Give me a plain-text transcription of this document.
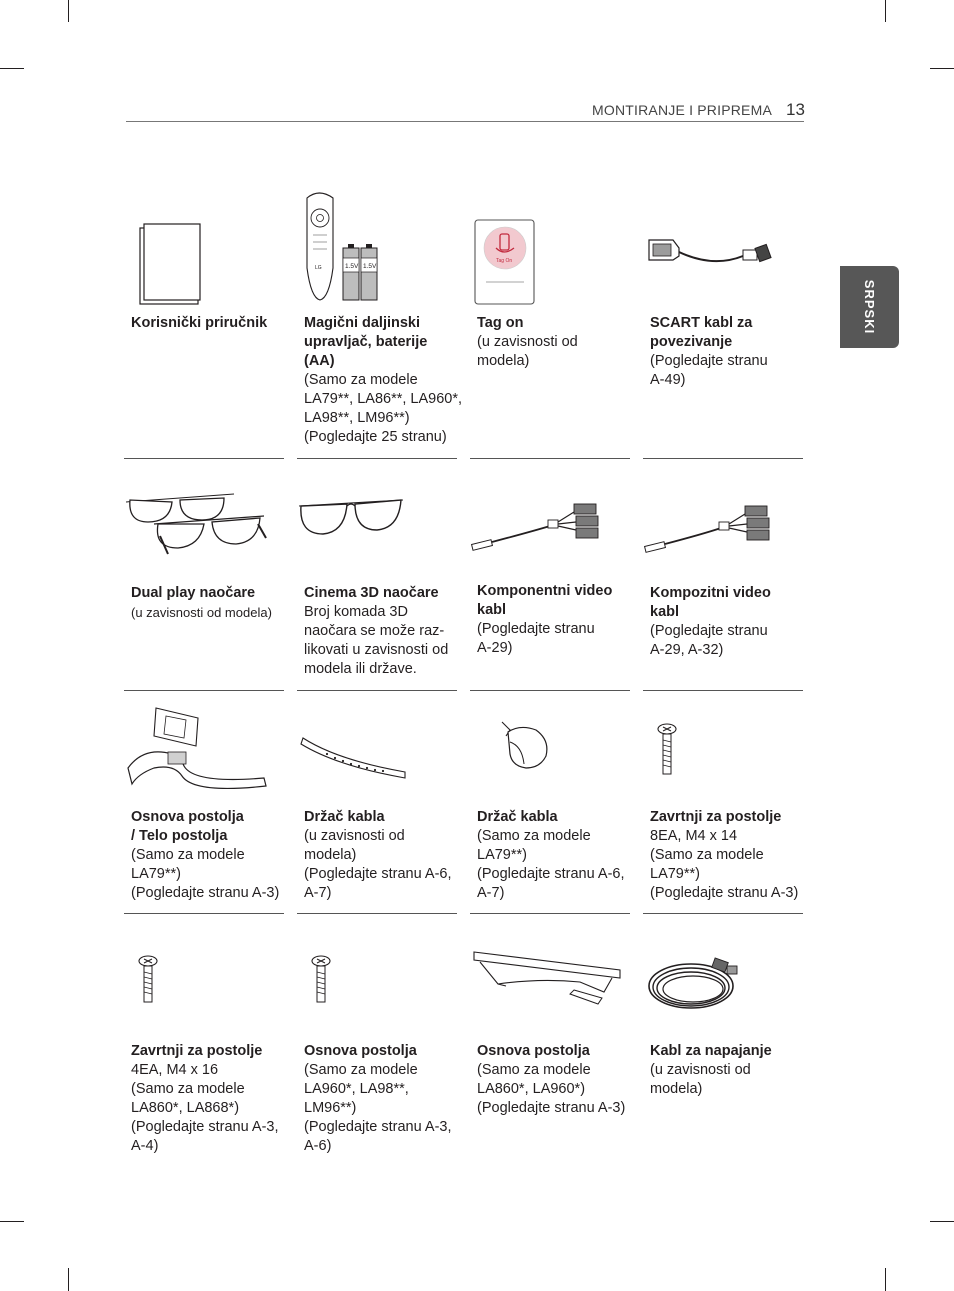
MONTIRANJE I PRIPREMA 13
SRPSKI
Korisnički priručnik
LG	1.5V 1.5V
Magični daljinski
upravljač, baterije
(AA)
(Samo za modele
LA79**, LA86**, LA960*,
LA98**, LM96**)
(Pogledajte 25 stranu)
Tag On
Tag on
(u zavisnosti od
modela)
SCART kabl za
povezivanje
(Pogledajte stranu
A-49)
Dual play naočare
(u zavisnosti od modela)
Cinema 3D naočare
Broj komada 3D
naočara se može raz-
likovati u zavisnosti od
modela ili države.
Komponentni video
kabl
(Pogledajte stranu
A-29)
Kompozitni video
kabl
(Pogledajte stranu
A-29, A-32)
Osnova postolja
/ Telo postolja
(Samo za modele
LA79**)
(Pogledajte stranu A-3)
Držač kabla
(u zavisnosti od
modela)
(Pogledajte stranu A-6,
A-7)
Držač kabla
(Samo za modele
LA79**)
(Pogledajte stranu A-6,
A-7)
Zavrtnji za postolje
8EA, M4 x 14
(Samo za modele
LA79**)
(Pogledajte stranu A-3)
Zavrtnji za postolje
4EA, M4 x 16
(Samo za modele
LA860*, LA868*)
(Pogledajte stranu A-3,
A-4)
Osnova postolja
(Samo za modele
LA960*, LA98**, LM96**)
(Pogledajte stranu A-3,
A-6)
Osnova postolja
(Samo za modele
LA860*, LA960*)
(Pogledajte stranu A-3)
Kabl za napajanje
(u zavisnosti od
modela)
